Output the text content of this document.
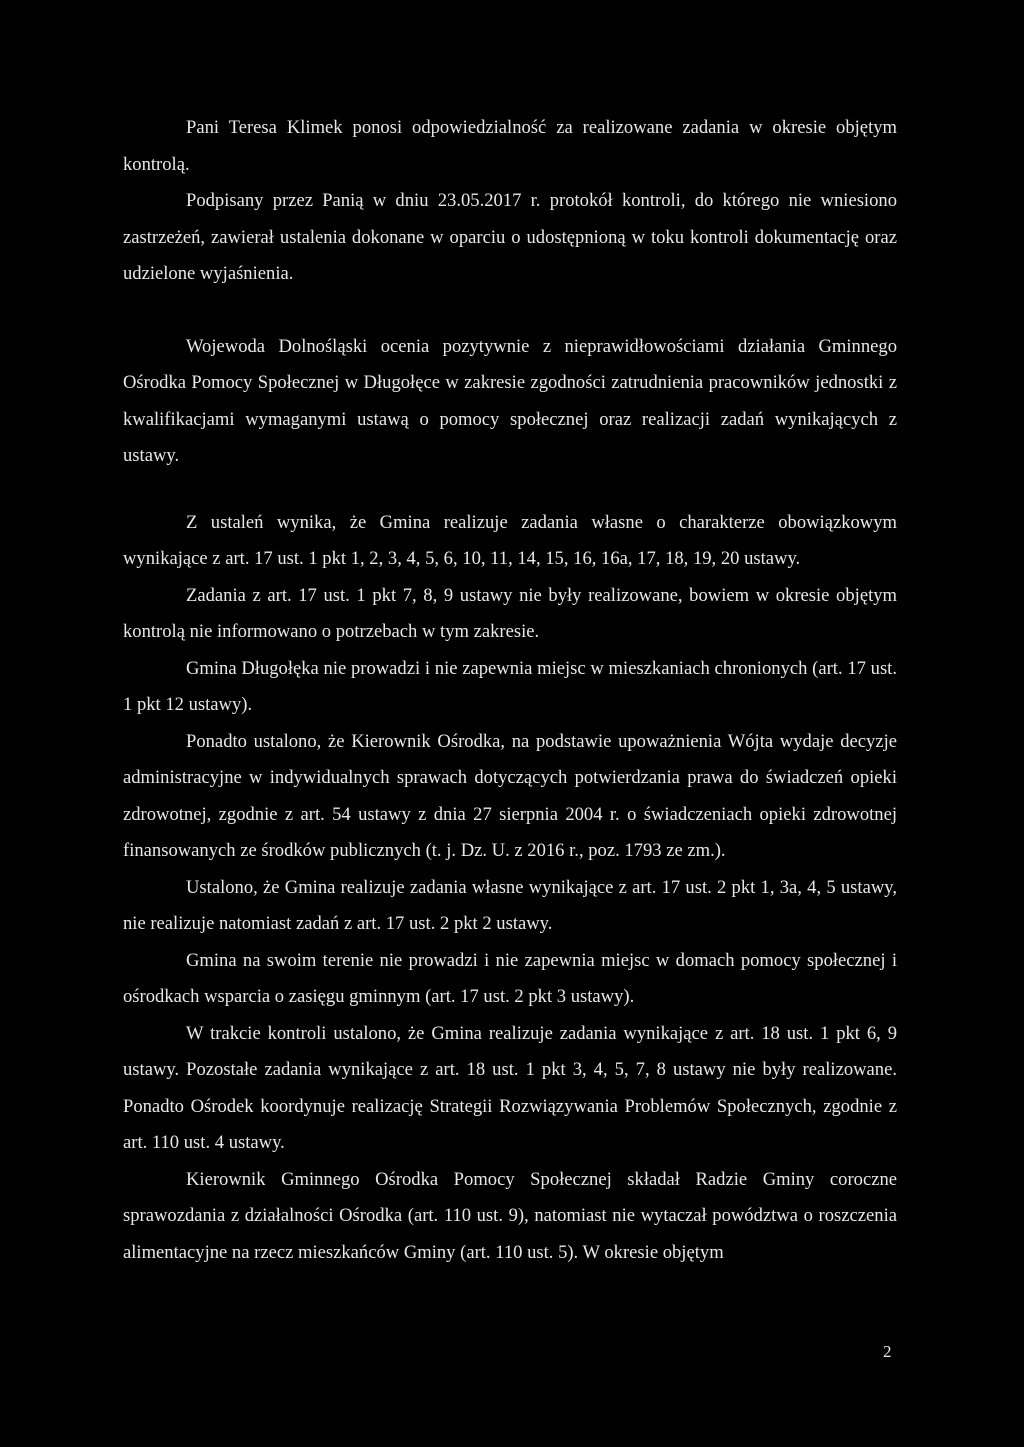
Pani Teresa Klimek ponosi odpowiedzialność za realizowane zadania w okresie objętym kontrolą.

Podpisany przez Panią w dniu 23.05.2017 r. protokół kontroli, do którego nie wniesiono zastrzeżeń, zawierał ustalenia dokonane w oparciu o udostępnioną w toku kontroli dokumentację oraz udzielone wyjaśnienia.

Wojewoda Dolnośląski ocenia pozytywnie z nieprawidłowościami działania Gminnego Ośrodka Pomocy Społecznej w Długołęce w zakresie zgodności zatrudnienia pracowników jednostki z kwalifikacjami wymaganymi ustawą o pomocy społecznej oraz realizacji zadań wynikających z ustawy.

Z ustaleń wynika, że Gmina realizuje zadania własne o charakterze obowiązkowym wynikające z art. 17 ust. 1 pkt 1, 2, 3, 4, 5, 6, 10, 11, 14, 15, 16, 16a, 17, 18, 19, 20 ustawy.

Zadania z art. 17 ust. 1 pkt 7, 8, 9 ustawy nie były realizowane, bowiem w okresie objętym kontrolą nie informowano o potrzebach w tym zakresie.

Gmina Długołęka nie prowadzi i nie zapewnia miejsc w mieszkaniach chronionych (art. 17 ust. 1 pkt 12 ustawy).

Ponadto ustalono, że Kierownik Ośrodka, na podstawie upoważnienia Wójta wydaje decyzje administracyjne w indywidualnych sprawach dotyczących potwierdzania prawa do świadczeń opieki zdrowotnej, zgodnie z art. 54 ustawy z dnia 27 sierpnia 2004 r. o świadczeniach opieki zdrowotnej finansowanych ze środków publicznych (t. j. Dz. U. z 2016 r., poz. 1793 ze zm.).

Ustalono, że Gmina realizuje zadania własne wynikające z art. 17 ust. 2 pkt 1, 3a, 4, 5 ustawy, nie realizuje natomiast zadań z art. 17 ust. 2 pkt 2 ustawy.

Gmina na swoim terenie nie prowadzi i nie zapewnia miejsc w domach pomocy społecznej i ośrodkach wsparcia o zasięgu gminnym (art. 17 ust. 2 pkt 3 ustawy).

W trakcie kontroli ustalono, że Gmina realizuje zadania wynikające z art. 18 ust. 1 pkt 6, 9 ustawy. Pozostałe zadania wynikające z art. 18 ust. 1 pkt 3, 4, 5, 7, 8 ustawy nie były realizowane. Ponadto Ośrodek koordynuje realizację Strategii Rozwiązywania Problemów Społecznych, zgodnie z art. 110 ust. 4 ustawy.

Kierownik Gminnego Ośrodka Pomocy Społecznej składał Radzie Gminy coroczne sprawozdania z działalności Ośrodka (art. 110 ust. 9), natomiast nie wytaczał powództwa o roszczenia alimentacyjne na rzecz mieszkańców Gminy (art. 110 ust. 5). W okresie objętym

2
